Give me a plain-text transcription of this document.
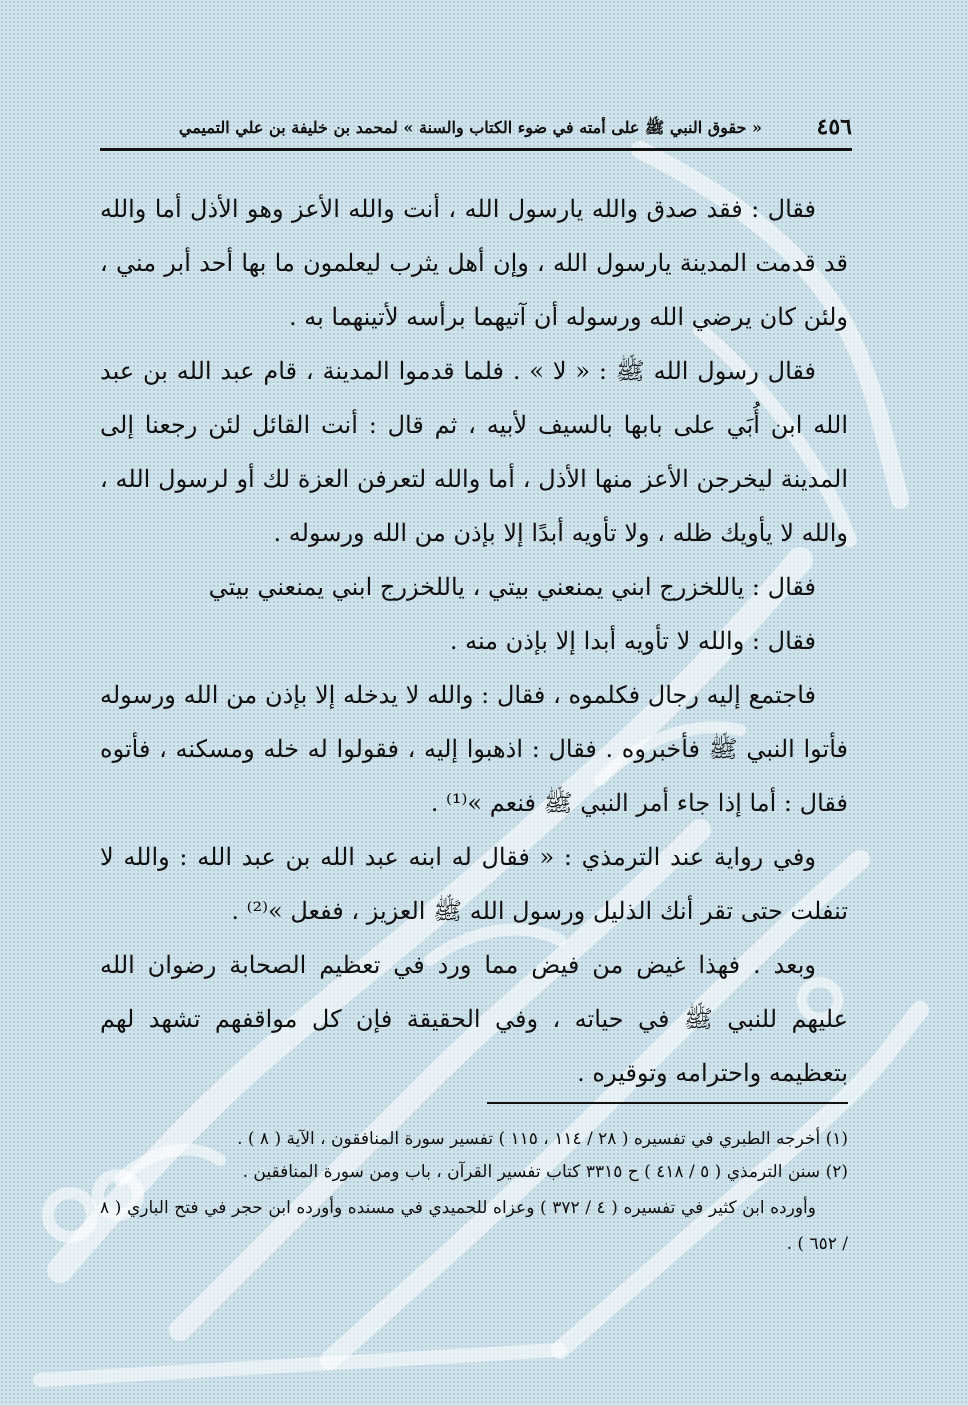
٤٥٦
« حقوق النبي ﷺ على أمته في ضوء الكتاب والسنة » لمحمد بن خليفة بن علي التميمي

فقال : فقد صدق والله يارسول الله ، أنت والله الأعز وهو الأذل أما والله قد قدمت المدينة يارسول الله ، وإن أهل يثرب ليعلمون ما بها أحد أبر مني ، ولئن كان يرضي الله ورسوله أن آتيهما برأسه لأتينهما به .

فقال رسول الله ﷺ : « لا » . فلما قدموا المدينة ، قام عبد الله بن عبد الله ابن أُبَي على بابها بالسيف لأبيه ، ثم قال : أنت القائل لئن رجعنا إلى المدينة ليخرجن الأعز منها الأذل ، أما والله لتعرفن العزة لك أو لرسول الله ، والله لا يأويك ظله ، ولا تأويه أبدًا إلا بإذن من الله ورسوله .

فقال : ياللخزرج ابني يمنعني بيتي ، ياللخزرج ابني يمنعني بيتي

فقال : والله لا تأويه أبدا إلا بإذن منه .

فاجتمع إليه رجال فكلموه ، فقال : والله لا يدخله إلا بإذن من الله ورسوله فأتوا النبي ﷺ فأخبروه . فقال : اذهبوا إليه ، فقولوا له خله ومسكنه ، فأتوه فقال : أما إذا جاء أمر النبي ﷺ فنعم »⁽¹⁾ .

وفي رواية عند الترمذي : « فقال له ابنه عبد الله بن عبد الله : والله لا تنفلت حتى تقر أنك الذليل ورسول الله ﷺ العزيز ، ففعل »⁽²⁾ .

وبعد . فهذا غيض من فيض مما ورد في تعظيم الصحابة رضوان الله عليهم للنبي ﷺ في حياته ، وفي الحقيقة فإن كل مواقفهم تشهد لهم بتعظيمه واحترامه وتوقيره .

(١) أخرجه الطبري في تفسيره ( ٢٨ / ١١٤ ، ١١٥ ) تفسير سورة المنافقون ، الآية ( ٨ ) .

(٢) سنن الترمذي ( ٥ / ٤١٨ ) ح ٣٣١٥ كتاب تفسير القرآن ، باب ومن سورة المنافقين .

وأورده ابن كثير في تفسيره ( ٤ / ٣٧٢ ) وعزاه للحميدي في مسنده وأورده ابن حجر في فتح الباري ( ٨ / ٦٥٢ ) .
